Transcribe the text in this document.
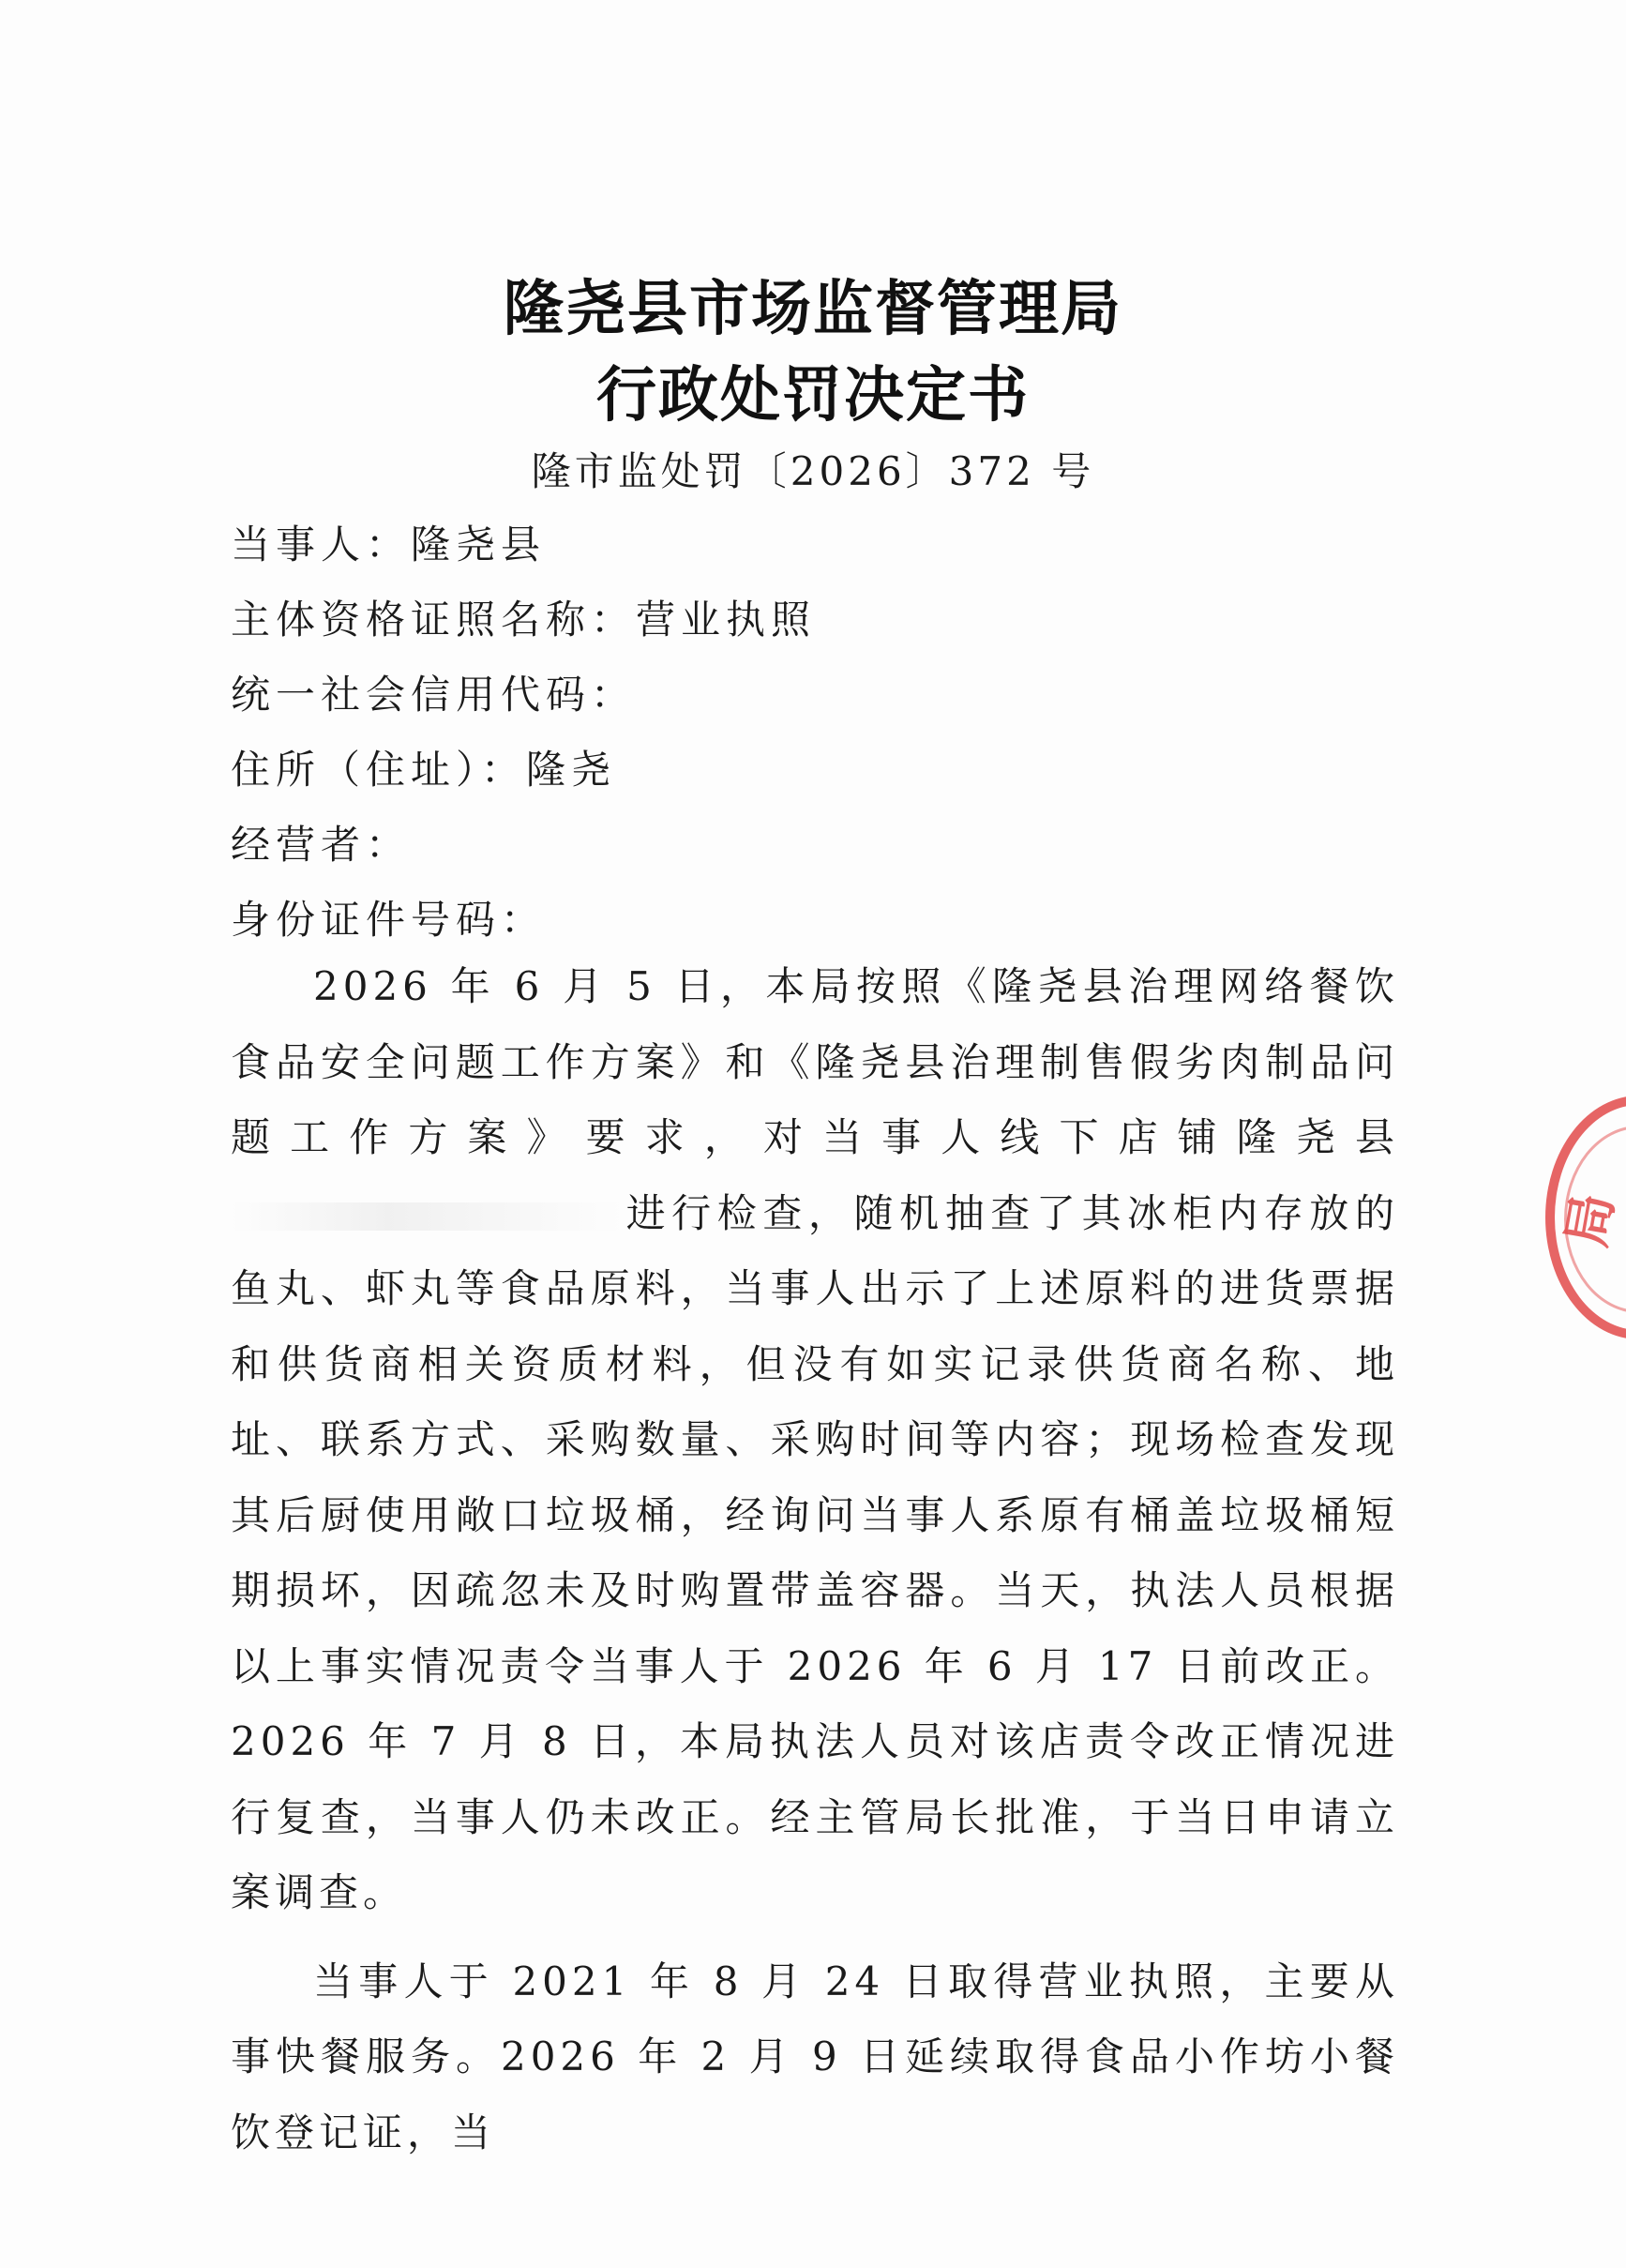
隆尧县市场监督管理局
行政处罚决定书
隆市监处罚〔2026〕372 号
当事人：隆尧县
主体资格证照名称：营业执照
统一社会信用代码：
住所（住址）：隆尧
经营者：
身份证件号码：

2026 年 6 月 5 日，本局按照《隆尧县治理网络餐饮食品安全问题工作方案》和《隆尧县治理制售假劣肉制品问题工作方案》要求，对当事人线下店铺隆尧县进行检查，随机抽查了其冰柜内存放的鱼丸、虾丸等食品原料，当事人出示了上述原料的进货票据和供货商相关资质材料，但没有如实记录供货商名称、地址、联系方式、采购数量、采购时间等内容；现场检查发现其后厨使用敞口垃圾桶，经询问当事人系原有桶盖垃圾桶短期损坏，因疏忽未及时购置带盖容器。当天，执法人员根据以上事实情况责令当事人于 2026 年 6 月 17 日前改正。2026 年 7 月 8 日，本局执法人员对该店责令改正情况进行复查，当事人仍未改正。经主管局长批准，于当日申请立案调查。

当事人于 2021 年 8 月 24 日取得营业执照，主要从事快餐服务。2026 年 2 月 9 日延续取得食品小作坊小餐饮登记证，当

局
